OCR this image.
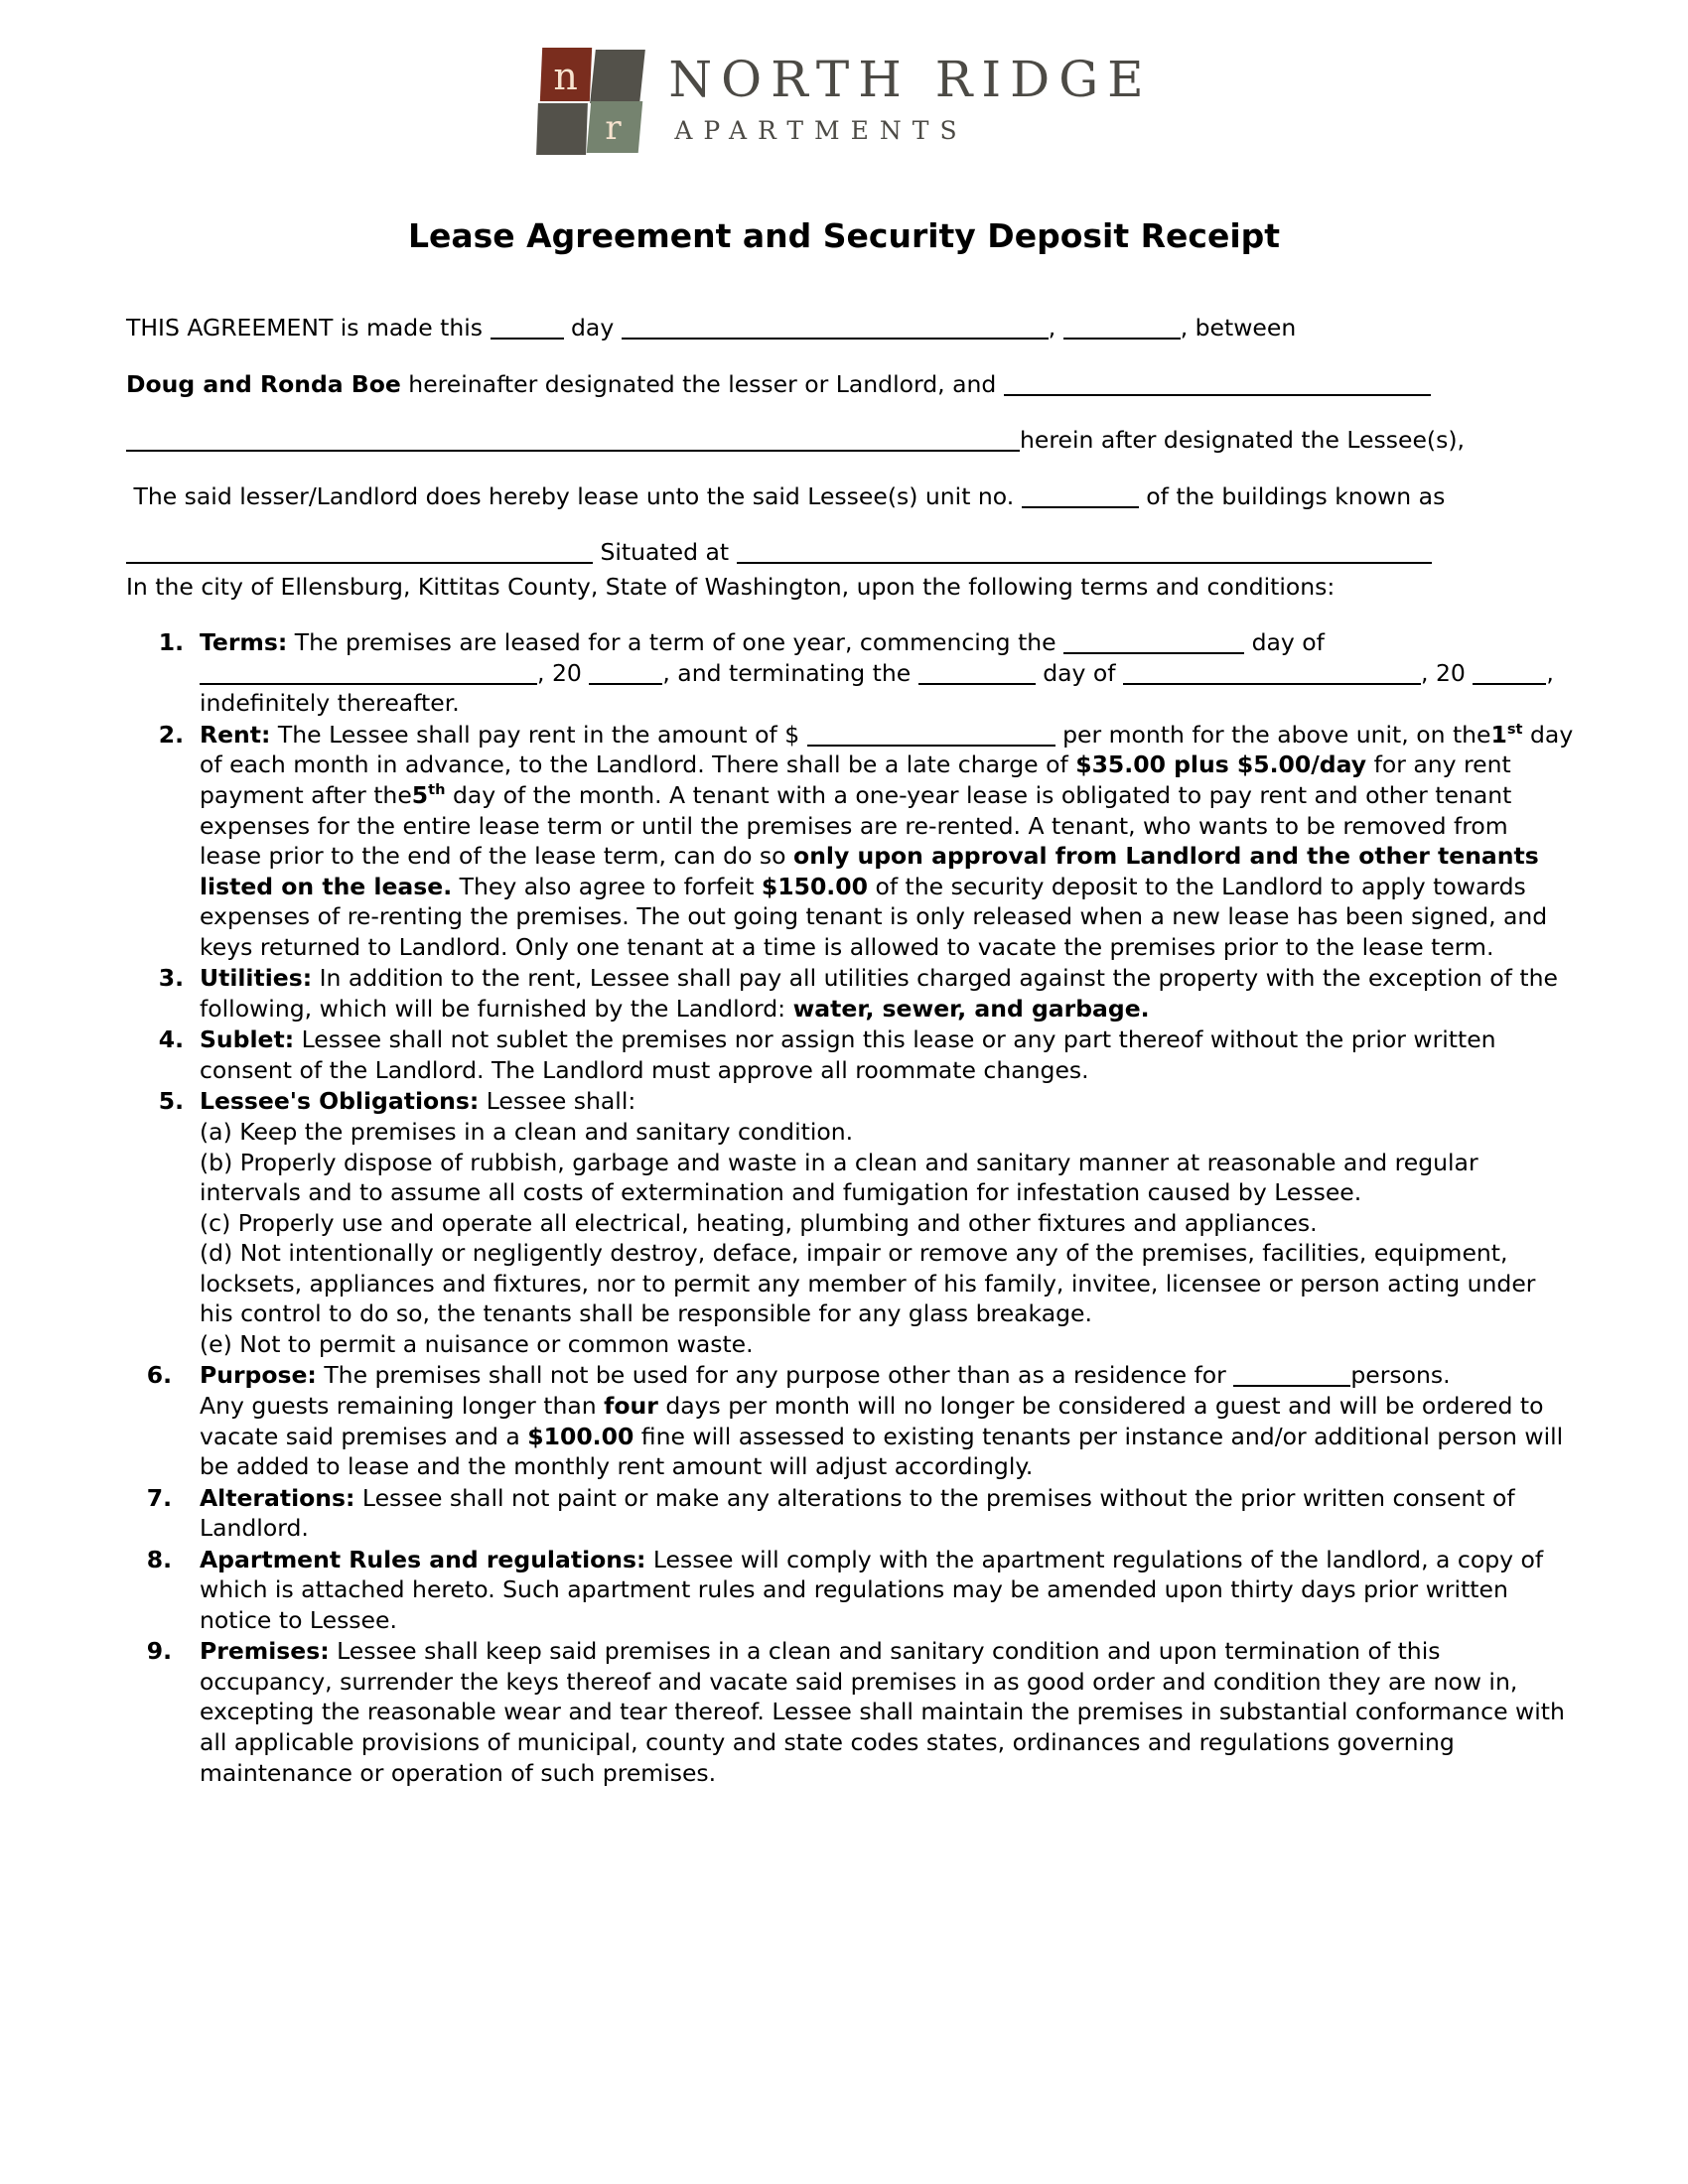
n
r
NORTH RIDGE
APARTMENTS
Lease Agreement and Security Deposit Receipt

THIS AGREEMENT is made this	day	,	, between

Doug and Ronda Boe hereinafter designated the lesser or Landlord, and

herein after designated the Lessee(s),

The said lesser/Landlord does hereby lease unto the said Lessee(s) unit no.	of the buildings known as

Situated at

In the city of Ellensburg, Kittitas County, State of Washington, upon the following terms and conditions:

Terms: The premises are leased for a term of one year, commencing the	day of , 20	, and terminating the	day of	, 20	, indefinitely thereafter.
Rent: The Lessee shall pay rent in the amount of $	per month for the above unit, on the1st day of each month in advance, to the Landlord. There shall be a late charge of $35.00 plus $5.00/day for any rent payment after the5th day of the month. A tenant with a one-year lease is obligated to pay rent and other tenant expenses for the entire lease term or until the premises are re-rented. A tenant, who wants to be removed from lease prior to the end of the lease term, can do so only upon approval from Landlord and the other tenants listed on the lease. They also agree to forfeit $150.00 of the security deposit to the Landlord to apply towards expenses of re-renting the premises. The out going tenant is only released when a new lease has been signed, and keys returned to Landlord. Only one tenant at a time is allowed to vacate the premises prior to the lease term.
Utilities: In addition to the rent, Lessee shall pay all utilities charged against the property with the exception of the following, which will be furnished by the Landlord: water, sewer, and garbage.
Sublet: Lessee shall not sublet the premises nor assign this lease or any part thereof without the prior written consent of the Landlord. The Landlord must approve all roommate changes.
Lessee's Obligations: Lessee shall:
(a) Keep the premises in a clean and sanitary condition.
(b) Properly dispose of rubbish, garbage and waste in a clean and sanitary manner at reasonable and regular intervals and to assume all costs of extermination and fumigation for infestation caused by Lessee.
(c) Properly use and operate all electrical, heating, plumbing and other fixtures and appliances.
(d) Not intentionally or negligently destroy, deface, impair or remove any of the premises, facilities, equipment, locksets, appliances and fixtures, nor to permit any member of his family, invitee, licensee or person acting under his control to do so, the tenants shall be responsible for any glass breakage.
(e) Not to permit a nuisance or common waste.
Purpose: The premises shall not be used for any purpose other than as a residence for	persons.
Any guests remaining longer than four days per month will no longer be considered a guest and will be ordered to vacate said premises and a $100.00 fine will assessed to existing tenants per instance and/or additional person will be added to lease and the monthly rent amount will adjust accordingly.
Alterations: Lessee shall not paint or make any alterations to the premises without the prior written consent of Landlord.
Apartment Rules and regulations: Lessee will comply with the apartment regulations of the landlord, a copy of which is attached hereto. Such apartment rules and regulations may be amended upon thirty days prior written notice to Lessee.
Premises: Lessee shall keep said premises in a clean and sanitary condition and upon termination of this occupancy, surrender the keys thereof and vacate said premises in as good order and condition they are now in, excepting the reasonable wear and tear thereof. Lessee shall maintain the premises in substantial conformance with all applicable provisions of municipal, county and state codes states, ordinances and regulations governing maintenance or operation of such premises.
